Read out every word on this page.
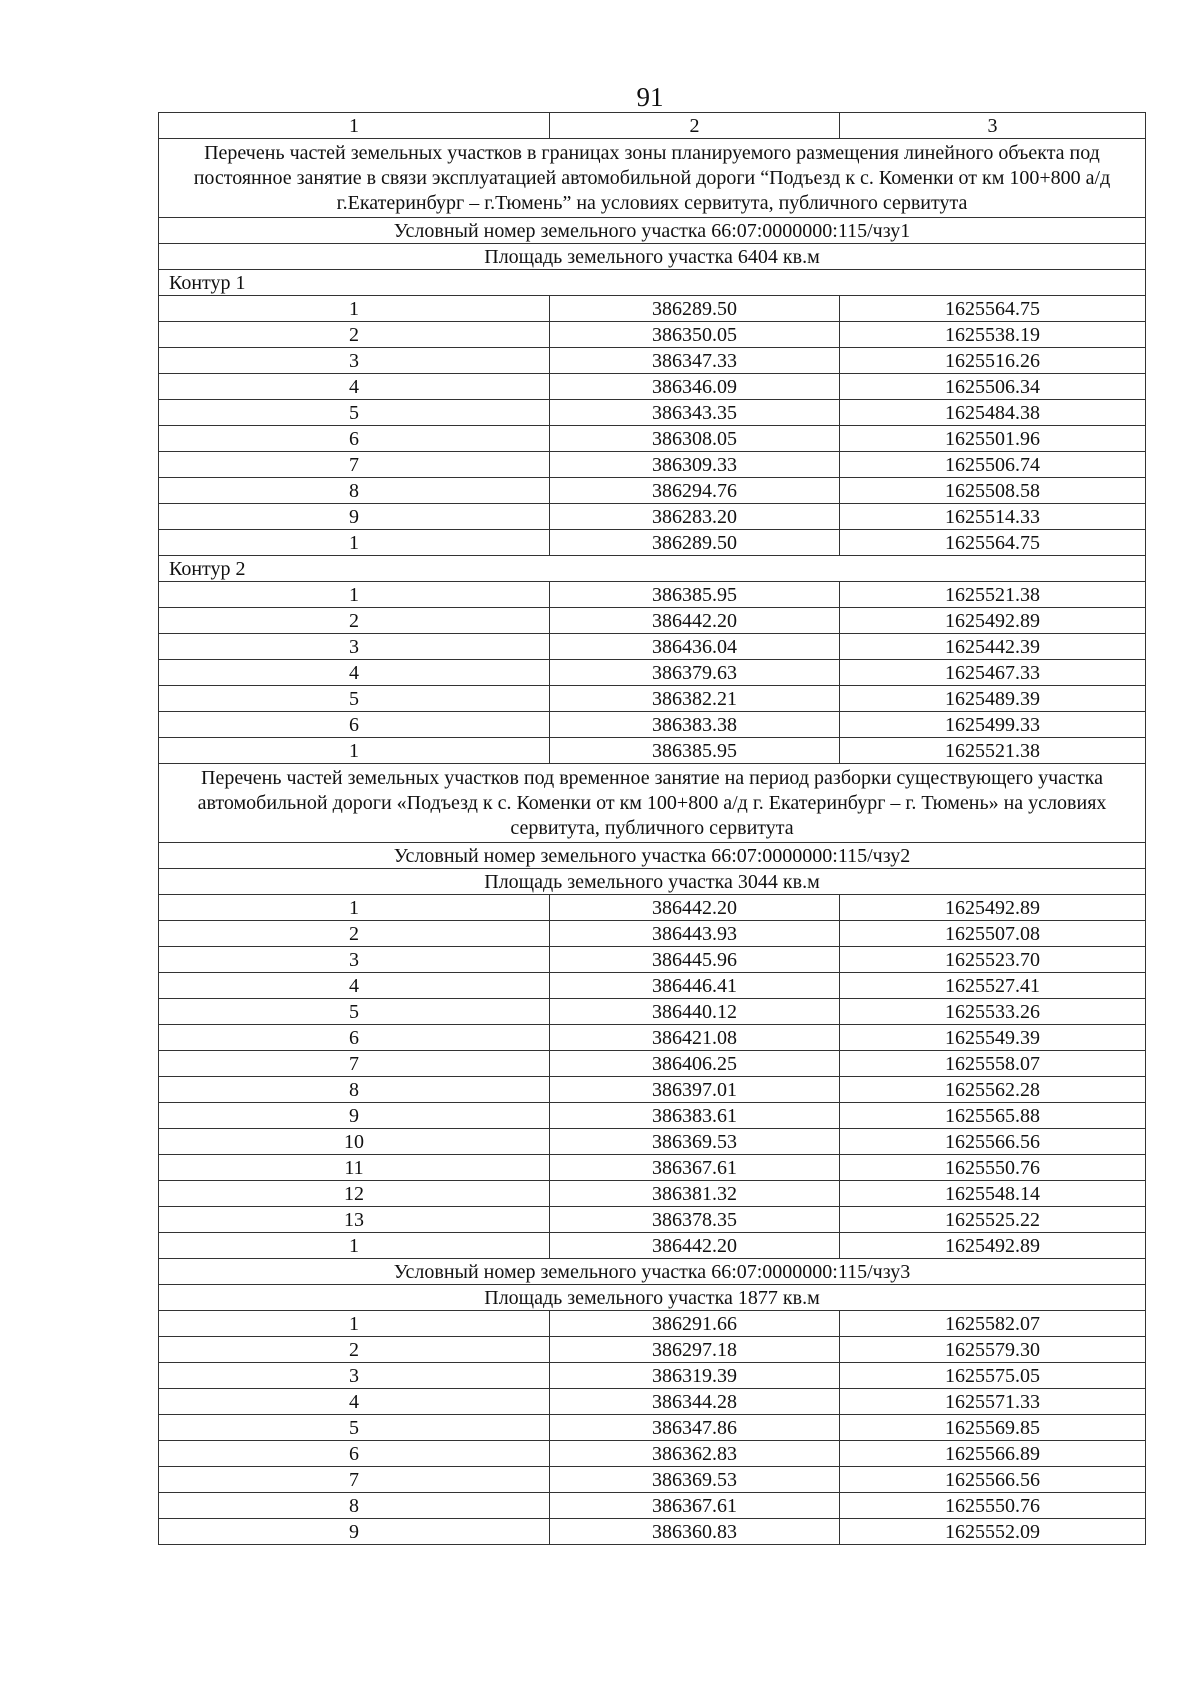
91
1	2	3
Перечень частей земельных участков в границах зоны планируемого размещения линейного объекта под постоянное занятие в связи эксплуатацией автомобильной дороги “Подъезд к с. Коменки от км 100+800 а/д г.Екатеринбург – г.Тюмень” на условиях сервитута, публичного сервитута		
Условный номер земельного участка 66:07:0000000:115/чзу1		
Площадь земельного участка 6404 кв.м		
Контур 1		
1	386289.50	1625564.75
2	386350.05	1625538.19
3	386347.33	1625516.26
4	386346.09	1625506.34
5	386343.35	1625484.38
6	386308.05	1625501.96
7	386309.33	1625506.74
8	386294.76	1625508.58
9	386283.20	1625514.33
1	386289.50	1625564.75
Контур 2		
1	386385.95	1625521.38
2	386442.20	1625492.89
3	386436.04	1625442.39
4	386379.63	1625467.33
5	386382.21	1625489.39
6	386383.38	1625499.33
1	386385.95	1625521.38
Перечень частей земельных участков под временное занятие на период разборки существующего участка автомобильной дороги «Подъезд к с. Коменки от км 100+800 а/д г. Екатеринбург – г. Тюмень» на условиях сервитута, публичного сервитута		
Условный номер земельного участка 66:07:0000000:115/чзу2		
Площадь земельного участка 3044 кв.м		
1	386442.20	1625492.89
2	386443.93	1625507.08
3	386445.96	1625523.70
4	386446.41	1625527.41
5	386440.12	1625533.26
6	386421.08	1625549.39
7	386406.25	1625558.07
8	386397.01	1625562.28
9	386383.61	1625565.88
10	386369.53	1625566.56
11	386367.61	1625550.76
12	386381.32	1625548.14
13	386378.35	1625525.22
1	386442.20	1625492.89
Условный номер земельного участка 66:07:0000000:115/чзу3		
Площадь земельного участка 1877 кв.м		
1	386291.66	1625582.07
2	386297.18	1625579.30
3	386319.39	1625575.05
4	386344.28	1625571.33
5	386347.86	1625569.85
6	386362.83	1625566.89
7	386369.53	1625566.56
8	386367.61	1625550.76
9	386360.83	1625552.09
